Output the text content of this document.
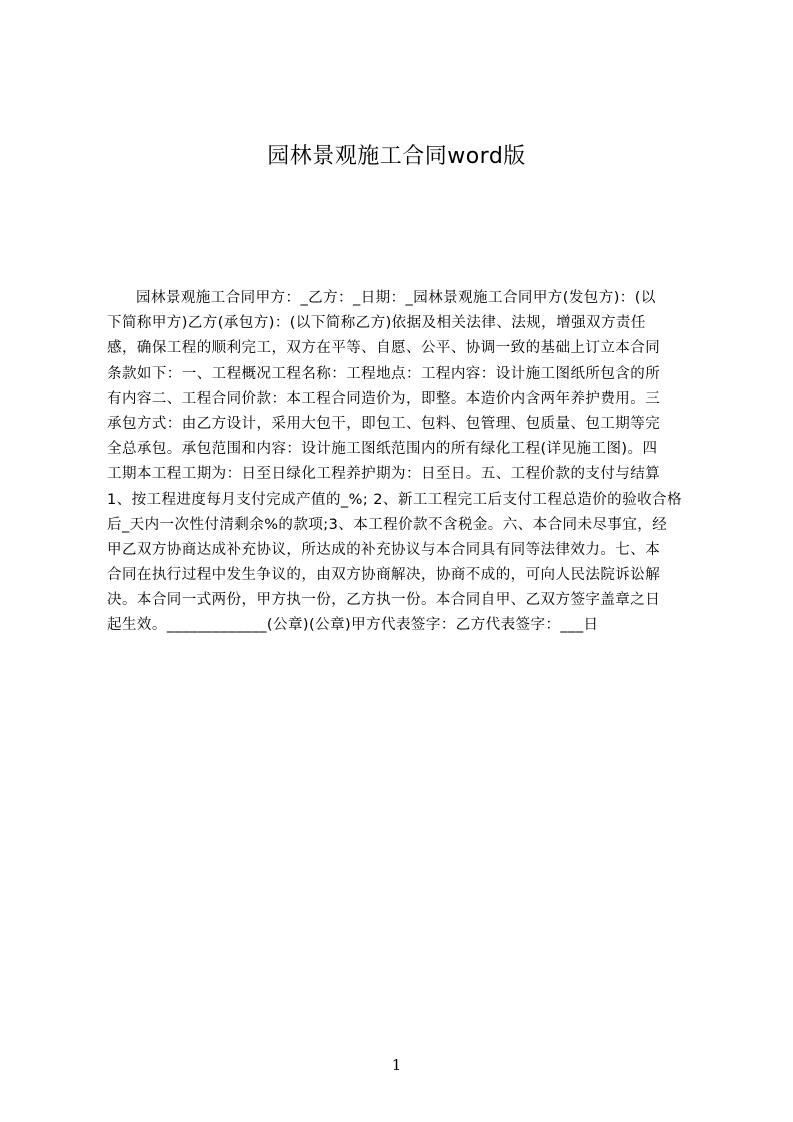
园林景观施工合同word版
园林景观施工合同甲方：_乙方：_日期：_园林景观施工合同甲方(发包方)：(以
下简称甲方)乙方(承包方)：(以下简称乙方)依据及相关法律、法规，增强双方责任
感，确保工程的顺利完工，双方在平等、自愿、公平、协调一致的基础上订立本合同
条款如下：一、工程概况工程名称：工程地点：工程内容：设计施工图纸所包含的所
有内容二、工程合同价款：本工程合同造价为，即整。本造价内含两年养护费用。三
承包方式：由乙方设计，采用大包干，即包工、包料、包管理、包质量、包工期等完
全总承包。承包范围和内容：设计施工图纸范围内的所有绿化工程(详见施工图)。四
工期本工程工期为：日至日绿化工程养护期为：日至日。五、工程价款的支付与结算
1、按工程进度每月支付完成产值的_%; 2、新工工程完工后支付工程总造价的验收合格
后_天内一次性付清剩余%的款项;3、本工程价款不含税金。六、本合同未尽事宜，经
甲乙双方协商达成补充协议，所达成的补充协议与本合同具有同等法律效力。七、本
合同在执行过程中发生争议的，由双方协商解决，协商不成的，可向人民法院诉讼解
决。本合同一式两份，甲方执一份，乙方执一份。本合同自甲、乙双方签字盖章之日
起生效。_____________(公章)(公章)甲方代表签字：乙方代表签字：___日
1
